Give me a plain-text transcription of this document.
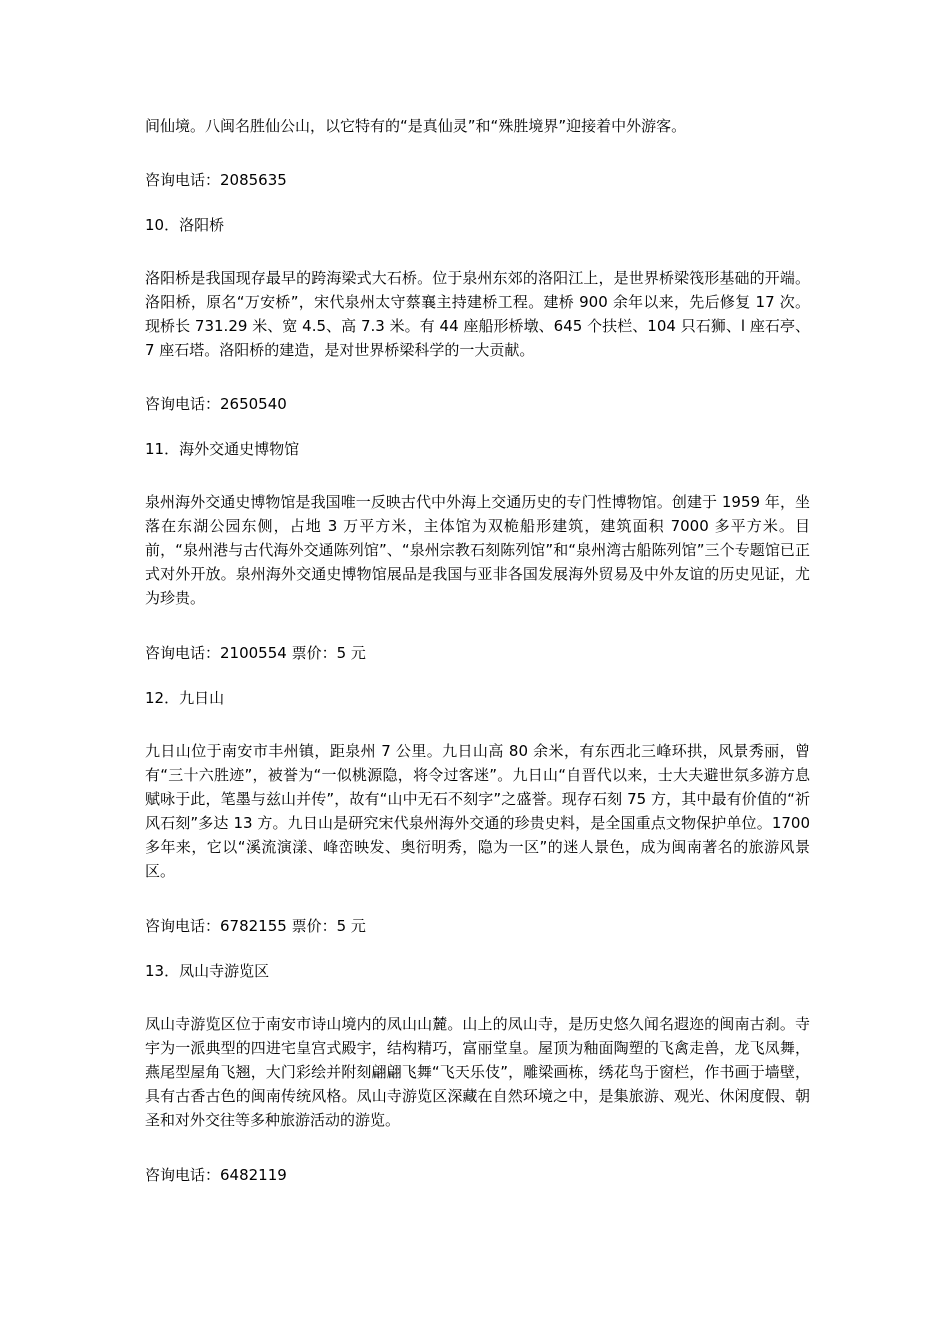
间仙境。八闽名胜仙公山，以它特有的“是真仙灵”和“殊胜境界”迎接着中外游客。
咨询电话：2085635
10．洛阳桥
洛阳桥是我国现存最早的跨海梁式大石桥。位于泉州东郊的洛阳江上，是世界桥梁筏形基础的开端。洛阳桥，原名“万安桥”，宋代泉州太守蔡襄主持建桥工程。建桥 900 余年以来，先后修复 17 次。现桥长 731.29 米、宽 4.5、高 7.3 米。有 44 座船形桥墩、645 个扶栏、104 只石狮、l 座石亭、7 座石塔。洛阳桥的建造，是对世界桥梁科学的一大贡献。
咨询电话：2650540
11．海外交通史博物馆
泉州海外交通史博物馆是我国唯一反映古代中外海上交通历史的专门性博物馆。创建于 1959 年，坐落在东湖公园东侧，占地 3 万平方米，主体馆为双桅船形建筑，建筑面积 7000 多平方米。目前，“泉州港与古代海外交通陈列馆”、“泉州宗教石刻陈列馆”和“泉州湾古船陈列馆”三个专题馆已正式对外开放。泉州海外交通史博物馆展品是我国与亚非各国发展海外贸易及中外友谊的历史见证，尤为珍贵。
咨询电话：2100554 票价：5 元
12．九日山
九日山位于南安市丰州镇，距泉州 7 公里。九日山高 80 余米，有东西北三峰环拱，风景秀丽，曾有“三十六胜迹”，被誉为“一似桃源隐，将令过客迷”。九日山“自晋代以来，士大夫避世氛多游方息赋咏于此，笔墨与兹山并传”，故有“山中无石不刻字”之盛誉。现存石刻 75 方，其中最有价值的“祈风石刻”多达 13 方。九日山是研究宋代泉州海外交通的珍贵史料，是全国重点文物保护单位。1700 多年来，它以“溪流演漾、峰峦映发、奥衍明秀，隐为一区”的迷人景色，成为闽南著名的旅游风景区。
咨询电话：6782155 票价：5 元
13．凤山寺游览区
凤山寺游览区位于南安市诗山境内的凤山山麓。山上的凤山寺，是历史悠久闻名遐迩的闽南古刹。寺宇为一派典型的四进宅皇宫式殿宇，结构精巧，富丽堂皇。屋顶为釉面陶塑的飞禽走兽，龙飞凤舞，燕尾型屋角飞翘，大门彩绘并附刻翩翩飞舞“飞天乐伎”，雕梁画栋，绣花鸟于窗栏，作书画于墙壁，具有古香古色的闽南传统风格。凤山寺游览区深藏在自然环境之中，是集旅游、观光、休闲度假、朝圣和对外交往等多种旅游活动的游览。
咨询电话：6482119
